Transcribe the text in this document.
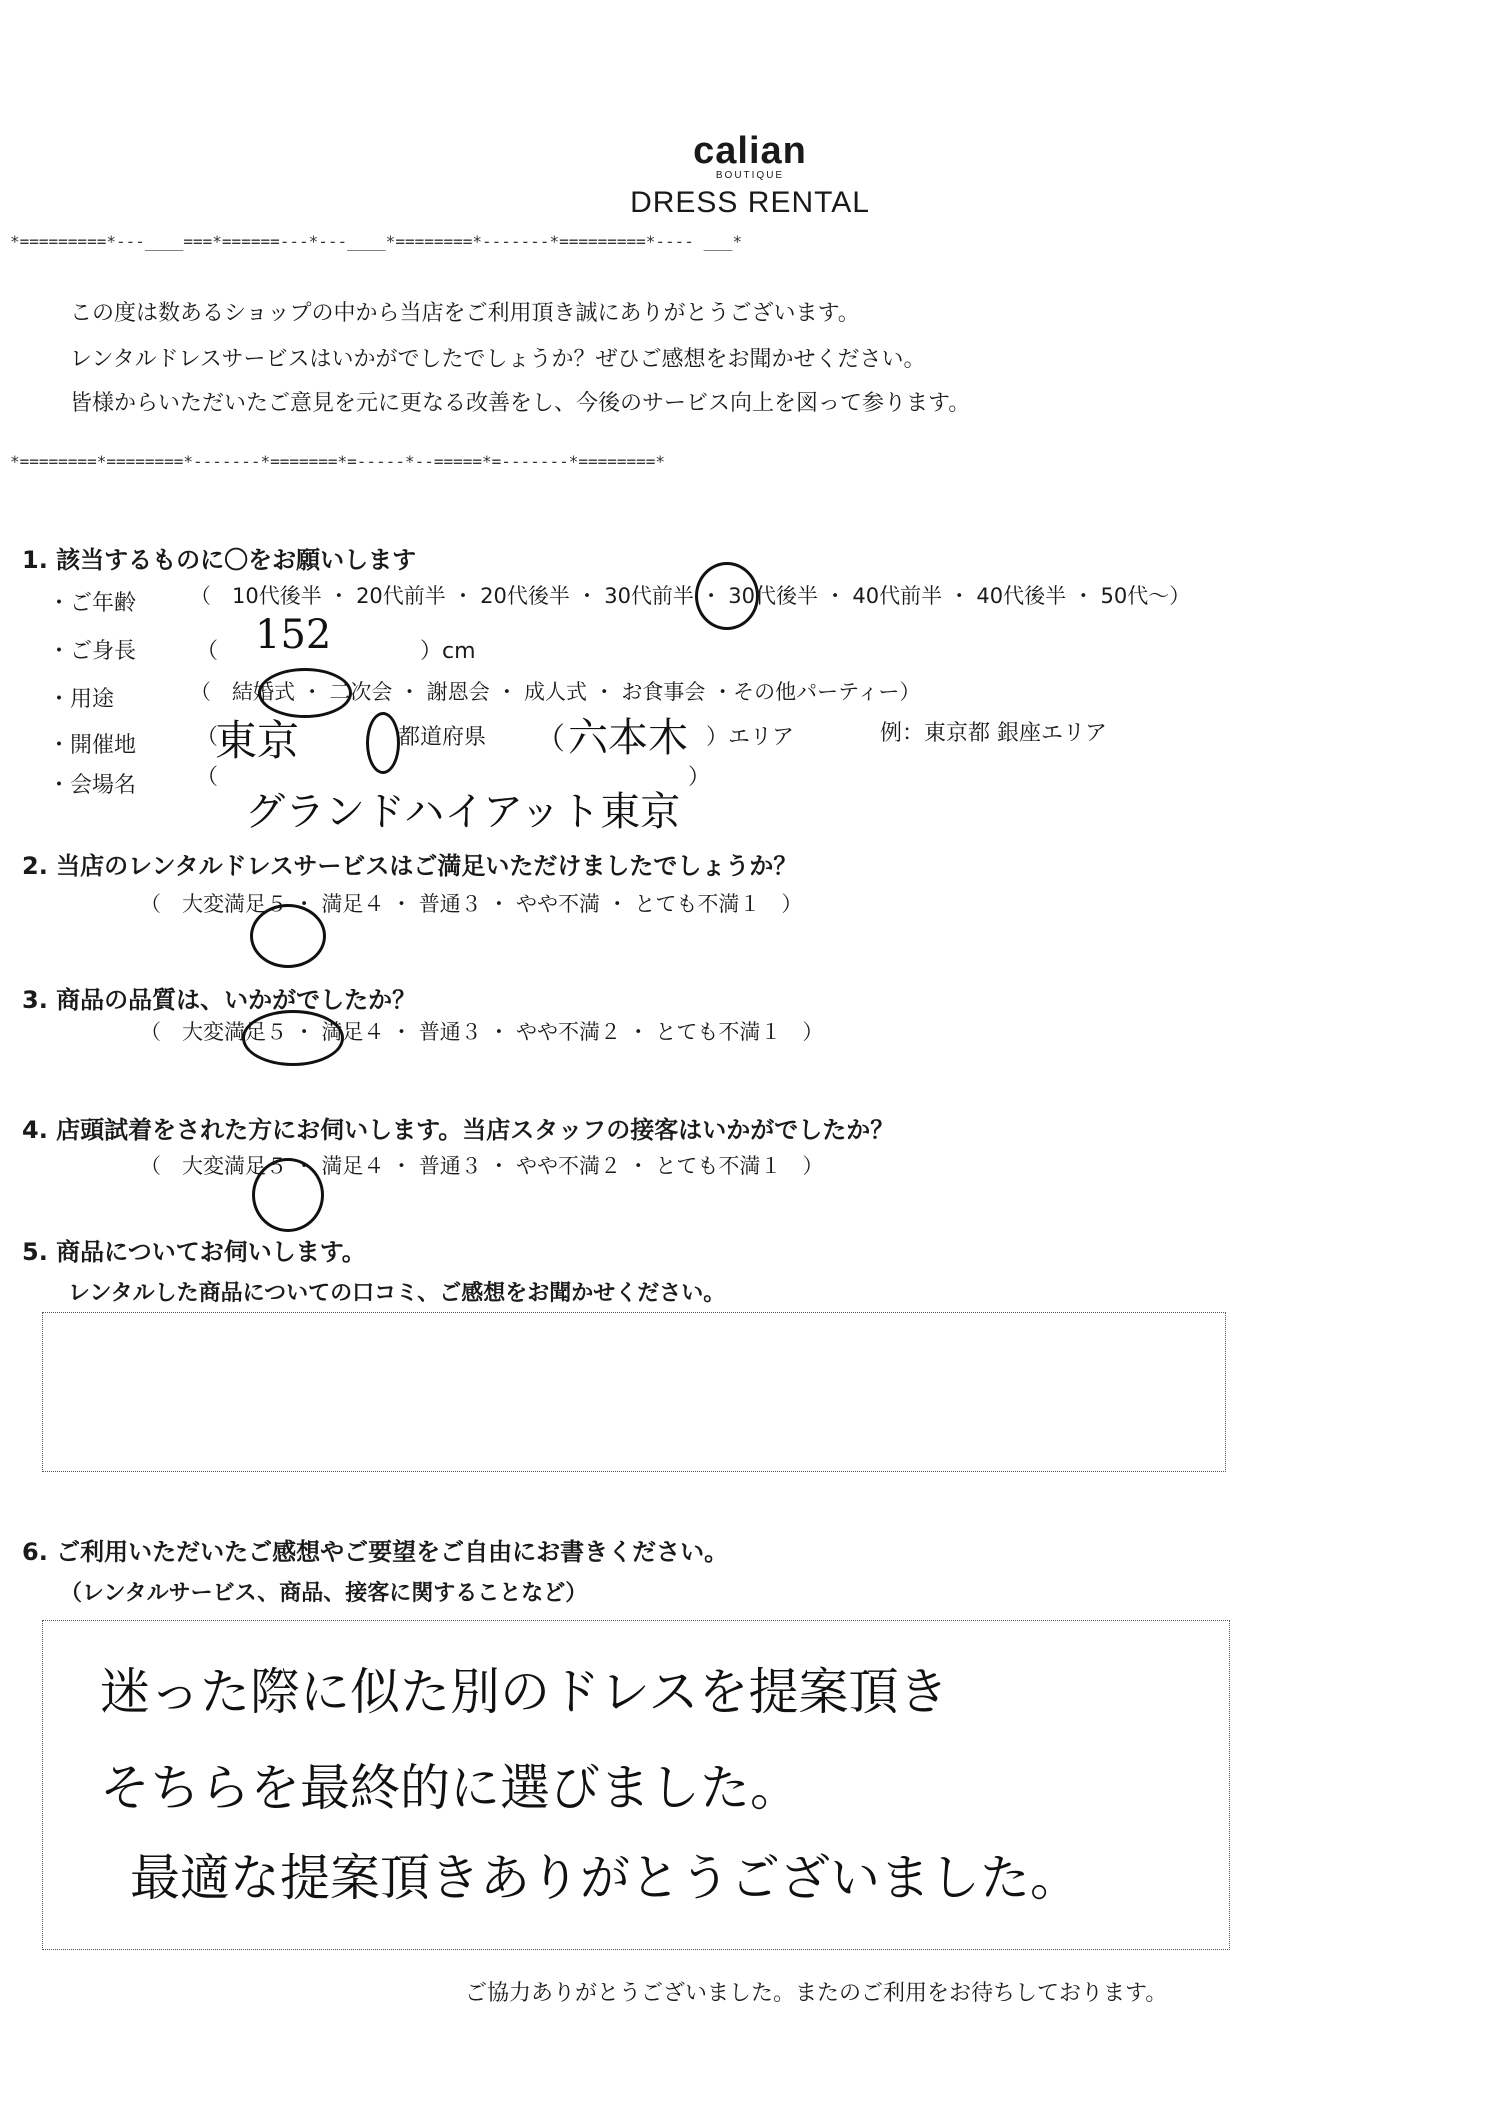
calian
BOUTIQUE
DRESS RENTAL
*=========*---____===*======---*---____*========*-------*=========*---- ___*
この度は数あるショップの中から当店をご利用頂き誠にありがとうございます。
レンタルドレスサービスはいかがでしたでしょうか？ぜひご感想をお聞かせください。
皆様からいただいたご意見を元に更なる改善をし、今後のサービス向上を図って参ります。
*========*========*-------*=======*=-----*--=====*=-------*========*
1. 該当するものに〇をお願いします
・ご年齢	（　10代後半 ・ 20代前半 ・ 20代後半 ・ 30代前半 ・ 30代後半 ・ 40代前半 ・ 40代後半 ・ 50代～）
・ご身長	（ 152	）cm
・用途	（　結婚式 ・ 二次会 ・ 謝恩会 ・ 成人式 ・ お食事会 ・その他パーティー）
・開催地	（
東京	都道府県 （ 六本木 ）エリア	例：東京都 銀座エリア
・会場名	（
グランドハイアット東京
）
2. 当店のレンタルドレスサービスはご満足いただけましたでしょうか？
（　大変満足５ ・ 満足４ ・ 普通３ ・ やや不満 ・ とても不満１　）
3. 商品の品質は、いかがでしたか？
（　大変満足５ ・ 満足４ ・ 普通３ ・ やや不満２ ・ とても不満１　）
4. 店頭試着をされた方にお伺いします。当店スタッフの接客はいかがでしたか？
（　大変満足５ ・ 満足４ ・ 普通３ ・ やや不満２ ・ とても不満１　）
5. 商品についてお伺いします。
レンタルした商品についての口コミ、ご感想をお聞かせください。
6. ご利用いただいたご感想やご要望をご自由にお書きください。
（レンタルサービス、商品、接客に関することなど）
迷った際に似た別のドレスを提案頂き
そちらを最終的に選びました。
最適な提案頂きありがとうございました。
ご協力ありがとうございました。またのご利用をお待ちしております。
